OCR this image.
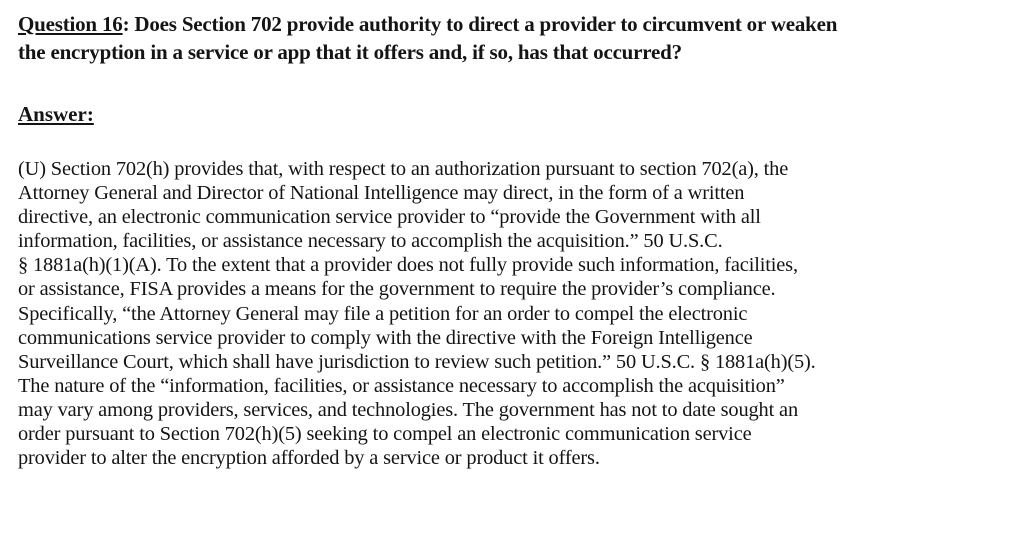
Question 16: Does Section 702 provide authority to direct a provider to circumvent or weaken
the encryption in a service or app that it offers and, if so, has that occurred?

Answer:

(U) Section 702(h) provides that, with respect to an authorization pursuant to section 702(a), the
Attorney General and Director of National Intelligence may direct, in the form of a written
directive, an electronic communication service provider to “provide the Government with all
information, facilities, or assistance necessary to accomplish the acquisition.” 50 U.S.C.
§ 1881a(h)(1)(A). To the extent that a provider does not fully provide such information, facilities,
or assistance, FISA provides a means for the government to require the provider’s compliance.
Specifically, “the Attorney General may file a petition for an order to compel the electronic
communications service provider to comply with the directive with the Foreign Intelligence
Surveillance Court, which shall have jurisdiction to review such petition.” 50 U.S.C. § 1881a(h)(5).
The nature of the “information, facilities, or assistance necessary to accomplish the acquisition”
may vary among providers, services, and technologies. The government has not to date sought an
order pursuant to Section 702(h)(5) seeking to compel an electronic communication service
provider to alter the encryption afforded by a service or product it offers.
